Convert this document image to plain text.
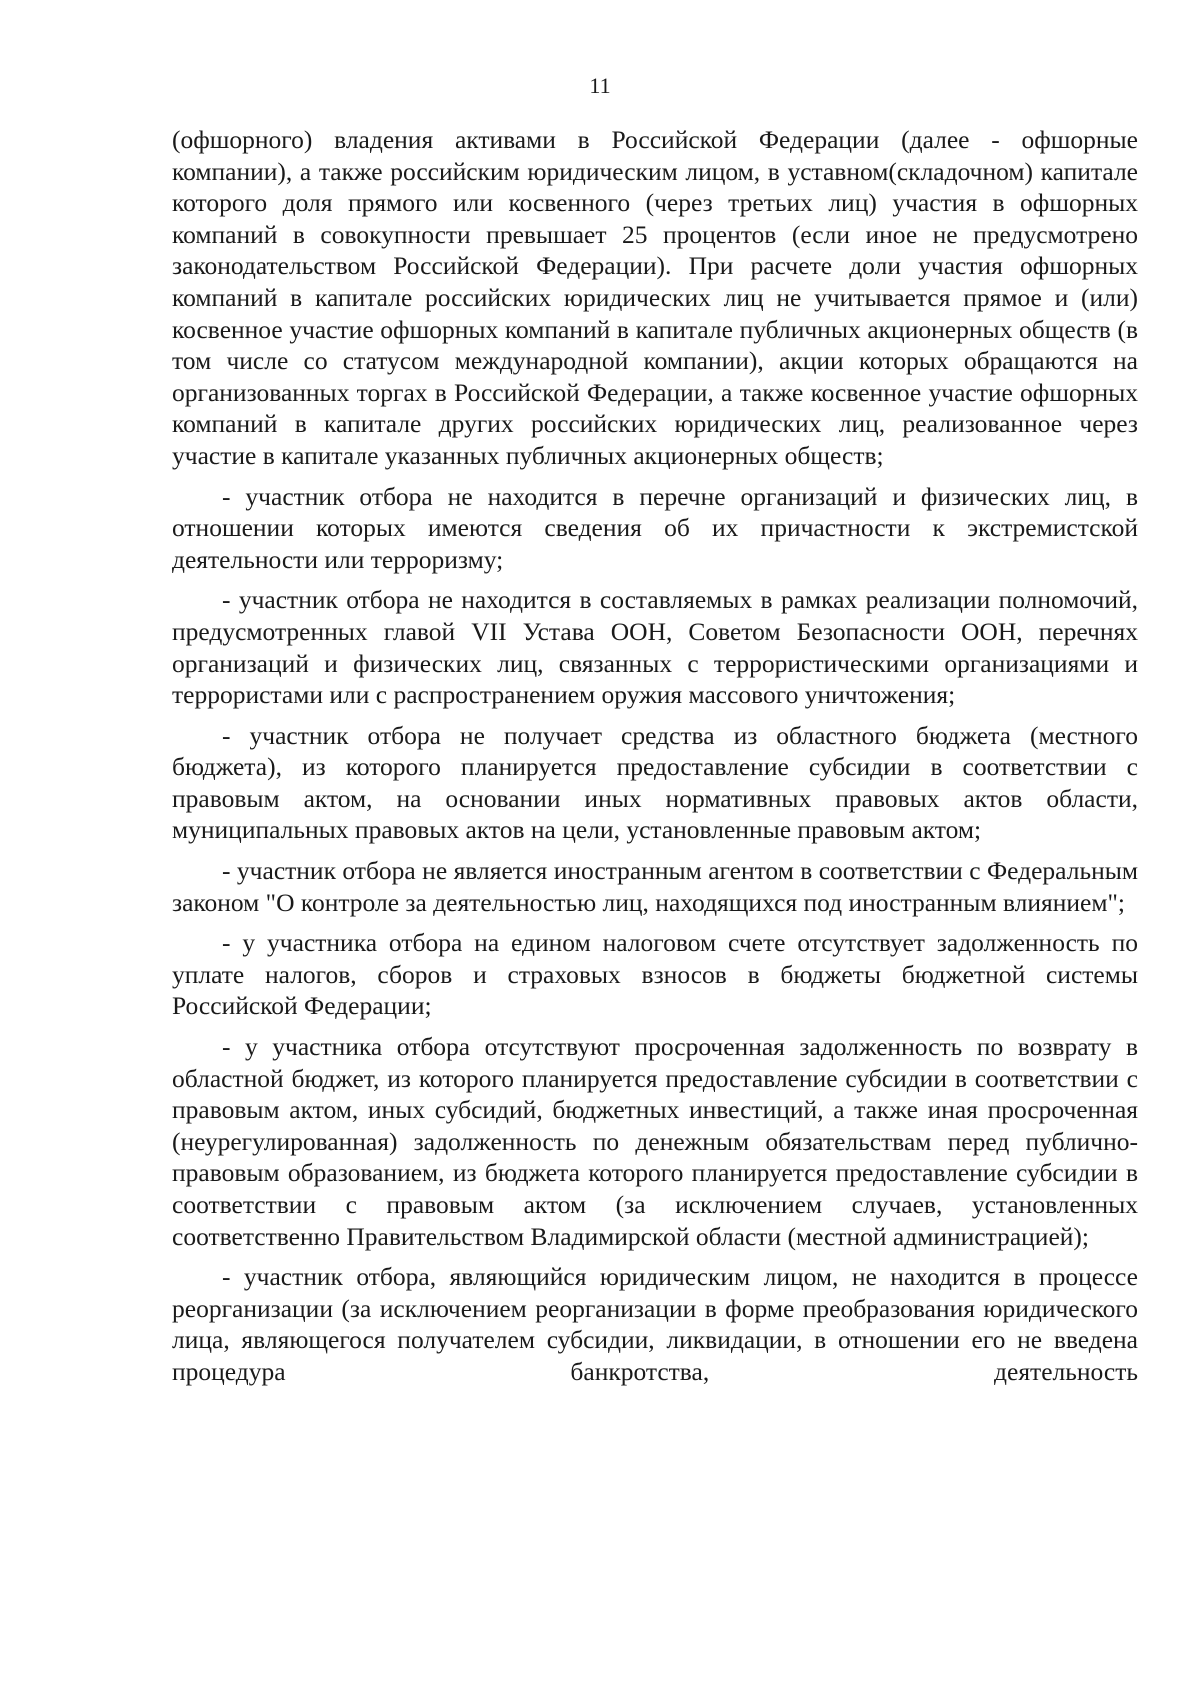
11

(офшорного) владения активами в Российской Федерации (далее - офшорные компании), а также российским юридическим лицом, в уставном(складочном) капитале которого доля прямого или косвенного (через третьих лиц) участия в офшорных компаний в совокупности превышает 25 процентов (если иное не предусмотрено законодательством Российской Федерации). При расчете доли участия офшорных компаний в капитале российских юридических лиц не учитывается прямое и (или) косвенное участие офшорных компаний в капитале публичных акционерных обществ (в том числе со статусом международной компании), акции которых обращаются на организованных торгах в Российской Федерации, а также косвенное участие офшорных компаний в капитале других российских юридических лиц, реализованное через участие в капитале указанных публичных акционерных обществ;

- участник отбора не находится в перечне организаций и физических лиц, в отношении которых имеются сведения об их причастности к экстремистской деятельности или терроризму;

- участник отбора не находится в составляемых в рамках реализации полномочий, предусмотренных главой VII Устава ООН, Советом Безопасности ООН, перечнях организаций и физических лиц, связанных с террористическими организациями и террористами или с распространением оружия массового уничтожения;

- участник отбора не получает средства из областного бюджета (местного бюджета), из которого планируется предоставление субсидии в соответствии с правовым актом, на основании иных нормативных правовых актов области, муниципальных правовых актов на цели, установленные правовым актом;

- участник отбора не является иностранным агентом в соответствии с Федеральным законом "О контроле за деятельностью лиц, находящихся под иностранным влиянием";

- у участника отбора на едином налоговом счете отсутствует задолженность по уплате налогов, сборов и страховых взносов в бюджеты бюджетной системы Российской Федерации;

- у участника отбора отсутствуют просроченная задолженность по возврату в областной бюджет, из которого планируется предоставление субсидии в соответствии с правовым актом, иных субсидий, бюджетных инвестиций, а также иная просроченная (неурегулированная) задолженность по денежным обязательствам перед публично-правовым образованием, из бюджета которого планируется предоставление субсидии в соответствии с правовым актом (за исключением случаев, установленных соответственно Правительством Владимирской области (местной администрацией);

- участник отбора, являющийся юридическим лицом, не находится в процессе реорганизации (за исключением реорганизации в форме преобразования юридического лица, являющегося получателем субсидии, ликвидации, в отношении его не введена процедура банкротства, деятельность
